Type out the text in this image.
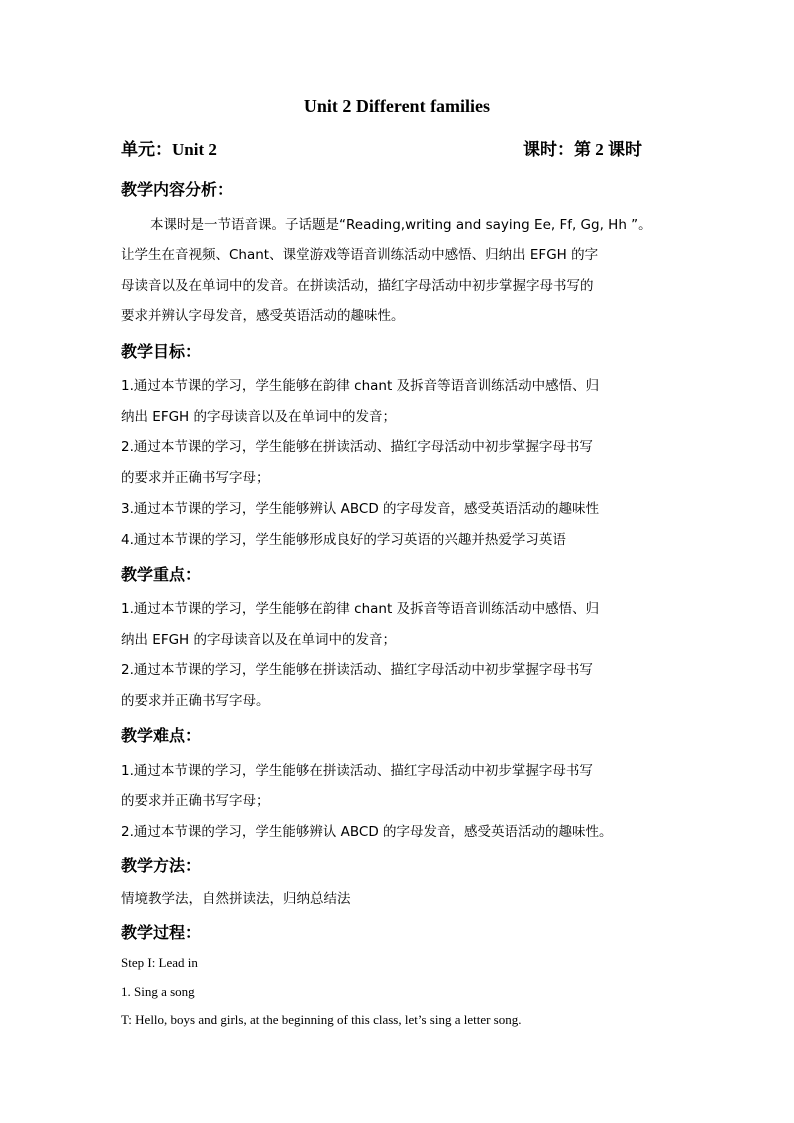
Unit 2 Different families
单元：Unit 2	课时：第 2 课时
教学内容分析：
本课时是一节语音课。子话题是“Reading,writing and saying Ee, Ff, Gg, Hh ”。
让学生在音视频、Chant、课堂游戏等语音训练活动中感悟、归纳出 EFGH 的字
母读音以及在单词中的发音。在拼读活动，描红字母活动中初步掌握字母书写的
要求并辨认字母发音，感受英语活动的趣味性。
教学目标：
1.通过本节课的学习，学生能够在韵律 chant 及拆音等语音训练活动中感悟、归
纳出 EFGH 的字母读音以及在单词中的发音；
2.通过本节课的学习，学生能够在拼读活动、描红字母活动中初步掌握字母书写
的要求并正确书写字母；
3.通过本节课的学习，学生能够辨认 ABCD 的字母发音，感受英语活动的趣味性
4.通过本节课的学习，学生能够形成良好的学习英语的兴趣并热爱学习英语
教学重点：
1.通过本节课的学习，学生能够在韵律 chant 及拆音等语音训练活动中感悟、归
纳出 EFGH 的字母读音以及在单词中的发音；
2.通过本节课的学习，学生能够在拼读活动、描红字母活动中初步掌握字母书写
的要求并正确书写字母。
教学难点：
1.通过本节课的学习，学生能够在拼读活动、描红字母活动中初步掌握字母书写
的要求并正确书写字母；
2.通过本节课的学习，学生能够辨认 ABCD 的字母发音，感受英语活动的趣味性。
教学方法：
情境教学法，自然拼读法，归纳总结法
教学过程：
Step I: Lead in
1. Sing a song
T: Hello, boys and girls, at the beginning of this class, let’s sing a letter song.
